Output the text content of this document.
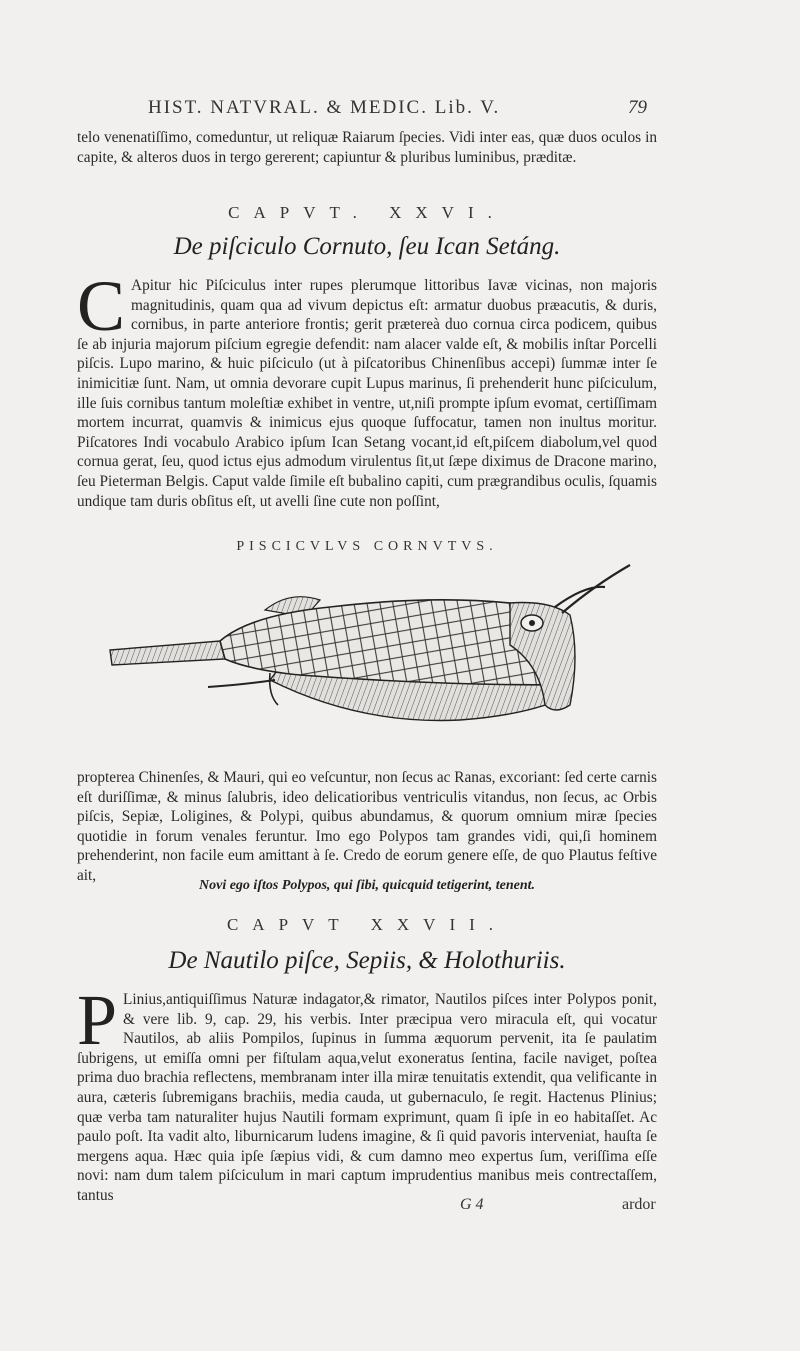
HIST. NATVRAL. & MEDIC. Lib. V.	79

telo venenatiſſimo, comeduntur, ut reliquæ Raiarum ſpecies. Vidi inter eas, quæ duos oculos in capite, & alteros duos in tergo gererent; capiuntur & pluribus luminibus, præditæ.

CAPVT. XXVI.
De piſciculo Cornuto, ſeu Ican Setáng.
C Apitur hic Piſciculus inter rupes plerumque littoribus Iavæ vicinas, non majoris magnitudinis, quam qua ad vivum depictus eſt: armatur duobus præacutis, & duris, cornibus, in parte anteriore frontis; gerit prætereà duo cornua circa podicem, quibus ſe ab injuria majorum piſcium egregie defendit: nam alacer valde eſt, & mobilis inſtar Porcelli piſcis. Lupo marino, & huic piſciculo (ut à piſcatoribus Chinenſibus accepi) ſummæ inter ſe inimicitiæ ſunt. Nam, ut omnia devorare cupit Lupus marinus, ſi prehenderit hunc piſciculum, ille ſuis cornibus tantum moleſtiæ exhibet in ventre, ut,niſi prompte ipſum evomat, certiſſimam mortem incurrat, quamvis & inimicus ejus quoque ſuffocatur, tamen non inultus moritur. Piſcatores Indi vocabulo Arabico ipſum Ican Setang vocant,id eſt,piſcem diabolum,vel quod cornua gerat, ſeu, quod ictus ejus admodum virulentus ſit,ut ſæpe diximus de Dracone marino, ſeu Pieterman Belgis. Caput valde ſimile eſt bubalino capiti, cum prægrandibus oculis, ſquamis undique tam duris obſitus eſt, ut avelli ſine cute non poſſint,

PISCICVLVS CORNVTVS.

propterea Chinenſes, & Mauri, qui eo veſcuntur, non ſecus ac Ranas, excoriant: ſed certe carnis eſt duriſſimæ, & minus ſalubris, ideo delicatioribus ventriculis vitandus, non ſecus, ac Orbis piſcis, Sepiæ, Loligines, & Polypi, quibus abundamus, & quorum omnium miræ ſpecies quotidie in forum venales feruntur. Imo ego Polypos tam grandes vidi, qui,ſi hominem prehenderint, non facile eum amittant à ſe. Credo de eorum genere eſſe, de quo Plautus feſtive ait,

Novi ego iſtos Polypos, qui ſibi, quicquid tetigerint, tenent.
CAPVT XXVII.
De Nautilo piſce, Sepiis, & Holothuriis.
P Linius,antiquiſſimus Naturæ indagator,& rimator, Nautilos piſces inter Polypos ponit, & vere lib. 9, cap. 29, his verbis. Inter præcipua vero miracula eſt, qui vocatur Nautilos, ab aliis Pompilos, ſupinus in ſumma æquorum pervenit, ita ſe paulatim ſubrigens, ut emiſſa omni per fiſtulam aqua,velut exoneratus ſentina, facile naviget, poſtea prima duo brachia reflectens, membranam inter illa miræ tenuitatis extendit, qua velificante in aura, cæteris ſubremigans brachiis, media cauda, ut gubernaculo, ſe regit. Hactenus Plinius; quæ verba tam naturaliter hujus Nautili formam exprimunt, quam ſi ipſe in eo habitaſſet. Ac paulo poſt. Ita vadit alto, liburnicarum ludens imagine, & ſi quid pavoris interveniat, hauſta ſe mergens aqua. Hæc quia ipſe ſæpius vidi, & cum damno meo expertus ſum, veriſſima eſſe novi: nam dum talem piſciculum in mari captum imprudentius manibus meis contrectaſſem, tantus

G 4	ardor
